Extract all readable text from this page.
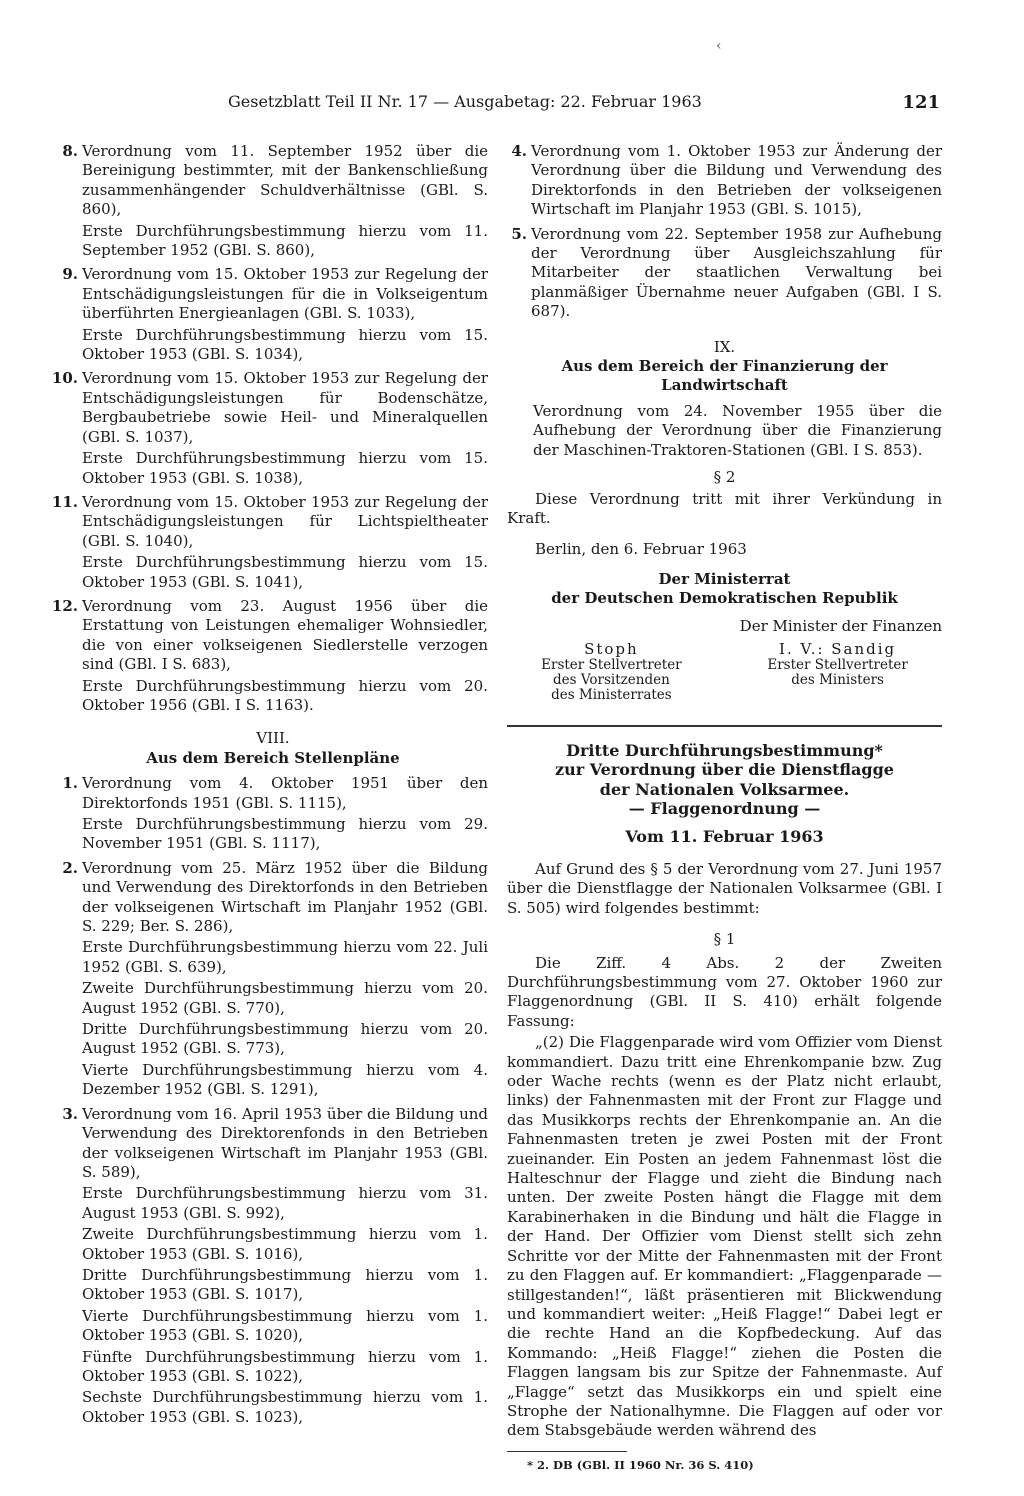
Gesetzblatt Teil II Nr. 17 — Ausgabetag: 22. Februar 1963	121
‹
8. Verordnung vom 11. September 1952 über die Bereinigung bestimmter, mit der Bankenschließung zusammenhängender Schuldverhältnisse (GBl. S. 860),

Erste Durchführungsbestimmung hierzu vom 11. September 1952 (GBl. S. 860),

9. Verordnung vom 15. Oktober 1953 zur Regelung der Entschädigungsleistungen für die in Volkseigentum überführten Energieanlagen (GBl. S. 1033),

Erste Durchführungsbestimmung hierzu vom 15. Oktober 1953 (GBl. S. 1034),

10. Verordnung vom 15. Oktober 1953 zur Regelung der Entschädigungsleistungen für Bodenschätze, Bergbaubetriebe sowie Heil- und Mineralquellen (GBl. S. 1037),

Erste Durchführungsbestimmung hierzu vom 15. Oktober 1953 (GBl. S. 1038),

11. Verordnung vom 15. Oktober 1953 zur Regelung der Entschädigungsleistungen für Lichtspieltheater (GBl. S. 1040),

Erste Durchführungsbestimmung hierzu vom 15. Oktober 1953 (GBl. S. 1041),

12. Verordnung vom 23. August 1956 über die Erstattung von Leistungen ehemaliger Wohnsiedler, die von einer volkseigenen Siedlerstelle verzogen sind (GBl. I S. 683),

Erste Durchführungsbestimmung hierzu vom 20. Oktober 1956 (GBl. I S. 1163).

VIII.
Aus dem Bereich Stellenpläne
1. Verordnung vom 4. Oktober 1951 über den Direktorfonds 1951 (GBl. S. 1115),

Erste Durchführungsbestimmung hierzu vom 29. November 1951 (GBl. S. 1117),

2. Verordnung vom 25. März 1952 über die Bildung und Verwendung des Direktorfonds in den Betrieben der volkseigenen Wirtschaft im Planjahr 1952 (GBl. S. 229; Ber. S. 286),

Erste Durchführungsbestimmung hierzu vom 22. Juli 1952 (GBl. S. 639),

Zweite Durchführungsbestimmung hierzu vom 20. August 1952 (GBl. S. 770),

Dritte Durchführungsbestimmung hierzu vom 20. August 1952 (GBl. S. 773),

Vierte Durchführungsbestimmung hierzu vom 4. Dezember 1952 (GBl. S. 1291),

3. Verordnung vom 16. April 1953 über die Bildung und Verwendung des Direktorenfonds in den Betrieben der volkseigenen Wirtschaft im Planjahr 1953 (GBl. S. 589),

Erste Durchführungsbestimmung hierzu vom 31. August 1953 (GBl. S. 992),

Zweite Durchführungsbestimmung hierzu vom 1. Oktober 1953 (GBl. S. 1016),

Dritte Durchführungsbestimmung hierzu vom 1. Oktober 1953 (GBl. S. 1017),

Vierte Durchführungsbestimmung hierzu vom 1. Oktober 1953 (GBl. S. 1020),

Fünfte Durchführungsbestimmung hierzu vom 1. Oktober 1953 (GBl. S. 1022),

Sechste Durchführungsbestimmung hierzu vom 1. Oktober 1953 (GBl. S. 1023),

4. Verordnung vom 1. Oktober 1953 zur Änderung der Verordnung über die Bildung und Verwendung des Direktorfonds in den Betrieben der volkseigenen Wirtschaft im Planjahr 1953 (GBl. S. 1015),

5. Verordnung vom 22. September 1958 zur Aufhebung der Verordnung über Ausgleichszahlung für Mitarbeiter der staatlichen Verwaltung bei planmäßiger Übernahme neuer Aufgaben (GBl. I S. 687).

IX.
Aus dem Bereich der Finanzierung der Landwirtschaft

Verordnung vom 24. November 1955 über die Aufhebung der Verordnung über die Finanzierung der Maschinen-Traktoren-Stationen (GBl. I S. 853).

§ 2

Diese Verordnung tritt mit ihrer Verkündung in Kraft.

Berlin, den 6. Februar 1963

Der Ministerrat
der Deutschen Demokratischen Republik
Der Minister der Finanzen
Stoph
Erster Stellvertreter
des Vorsitzenden
des Ministerrates
I. V.: Sandig
Erster Stellvertreter
des Ministers
Dritte Durchführungsbestimmung*
zur Verordnung über die Dienstflagge
der Nationalen Volksarmee.
— Flaggenordnung —
Vom 11. Februar 1963

Auf Grund des § 5 der Verordnung vom 27. Juni 1957 über die Dienstflagge der Nationalen Volksarmee (GBl. I S. 505) wird folgendes bestimmt:

§ 1

Die Ziff. 4 Abs. 2 der Zweiten Durchführungsbestimmung vom 27. Oktober 1960 zur Flaggenordnung (GBl. II S. 410) erhält folgende Fassung:

„(2) Die Flaggenparade wird vom Offizier vom Dienst kommandiert. Dazu tritt eine Ehrenkompanie bzw. Zug oder Wache rechts (wenn es der Platz nicht erlaubt, links) der Fahnenmasten mit der Front zur Flagge und das Musikkorps rechts der Ehrenkompanie an. An die Fahnenmasten treten je zwei Posten mit der Front zueinander. Ein Posten an jedem Fahnenmast löst die Halteschnur der Flagge und zieht die Bindung nach unten. Der zweite Posten hängt die Flagge mit dem Karabinerhaken in die Bindung und hält die Flagge in der Hand. Der Offizier vom Dienst stellt sich zehn Schritte vor der Mitte der Fahnenmasten mit der Front zu den Flaggen auf. Er kommandiert: „Flaggenparade — stillgestanden!“, läßt präsentieren mit Blickwendung und kommandiert weiter: „Heiß Flagge!“ Dabei legt er die rechte Hand an die Kopfbedeckung. Auf das Kommando: „Heiß Flagge!“ ziehen die Posten die Flaggen langsam bis zur Spitze der Fahnenmaste. Auf „Flagge“ setzt das Musikkorps ein und spielt eine Strophe der Nationalhymne. Die Flaggen auf oder vor dem Stabsgebäude werden während des

* 2. DB (GBl. II 1960 Nr. 36 S. 410)
